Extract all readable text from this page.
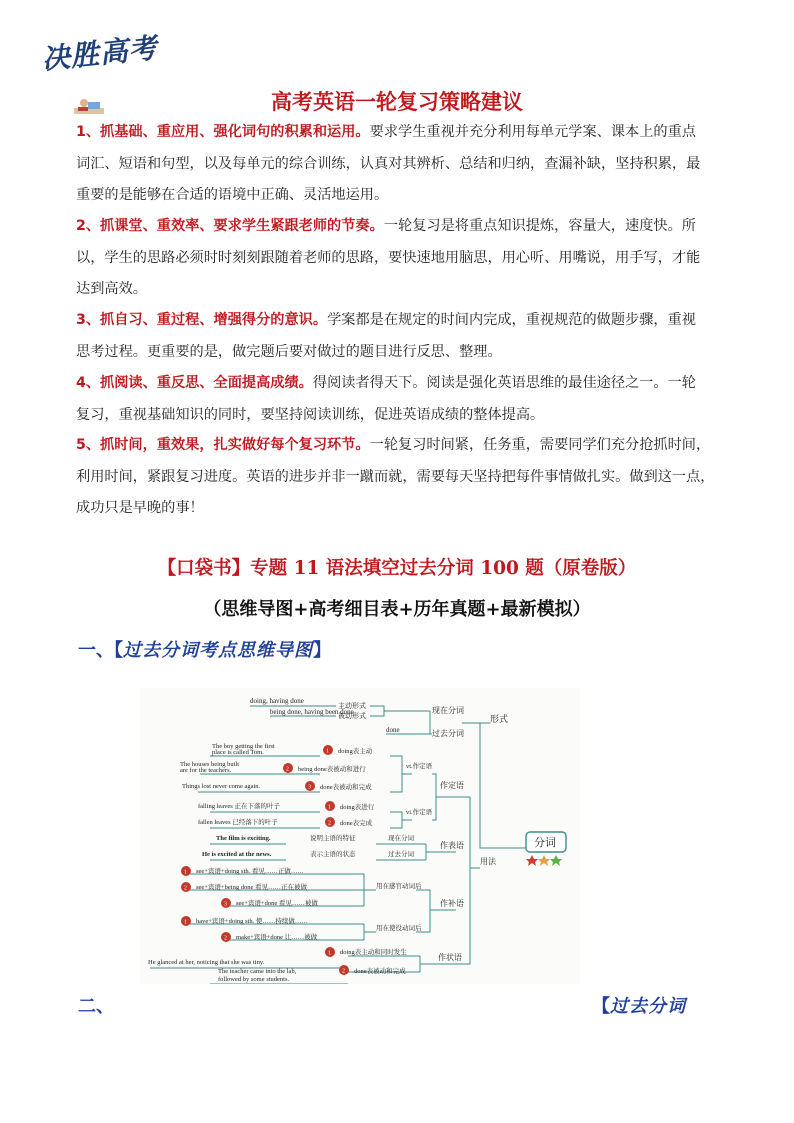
决胜高考
高考英语一轮复习策略建议
1、抓基础、重应用、强化词句的积累和运用。要求学生重视并充分利用每单元学案、课本上的重点
词汇、短语和句型，以及每单元的综合训练，认真对其辨析、总结和归纳，查漏补缺，坚持积累，最
重要的是能够在合适的语境中正确、灵活地运用。
2、抓课堂、重效率、要求学生紧跟老师的节奏。一轮复习是将重点知识提炼，容量大，速度快。所
以，学生的思路必须时时刻刻跟随着老师的思路，要快速地用脑思，用心听、用嘴说，用手写，才能
达到高效。
3、抓自习、重过程、增强得分的意识。学案都是在规定的时间内完成，重视规范的做题步骤，重视
思考过程。更重要的是，做完题后要对做过的题目进行反思、整理。
4、抓阅读、重反思、全面提高成绩。得阅读者得天下。阅读是强化英语思维的最佳途径之一。一轮
复习，重视基础知识的同时，要坚持阅读训练，促进英语成绩的整体提高。
5、抓时间，重效果，扎实做好每个复习环节。一轮复习时间紧，任务重，需要同学们充分抢抓时间，
利用时间，紧跟复习进度。英语的进步并非一蹴而就，需要每天坚持把每件事情做扎实。做到这一点，
成功只是早晚的事！
【口袋书】专题 11 语法填空过去分词 100 题（原卷版）
（思维导图+高考细目表+历年真题+最新模拟）
一、【过去分词考点思维导图】
doing, having done
主动形式
being done, having been done
被动形式
done
现在分词
过去分词
形式
The boy getting the first
place is called Tom.	1 doing表主动
The houses being built
are for the teachers.	2 being done表被动和进行
Things lost never come again.	3 done表被动和完成
falling leaves 正在下落的叶子	1 doing表进行
fallen leaves 已经落下的叶子	2 done表完成
vt.作定语
vi.作定语
作定语
The film is exciting.	说明主语的特征	现在分词
He is excited at the news.	表示主语的状态	过去分词
作表语
1 see+宾语+doing sth. 看见……正做……
2 see+宾语+being done 看见……正在被做
3 see+宾语+done 看见……被做
1 have+宾语+doing sth. 使……持续做……
2 make+宾语+done 让……被做
用在感官动词后
用在使役动词后
作补语
He glanced at her, noticing that she was tiny.
1 doing表主动和同时发生
The teacher came into the lab,
followed by some students.
2 done表被动和完成
作状语
用法
分词
二、	【过去分词
